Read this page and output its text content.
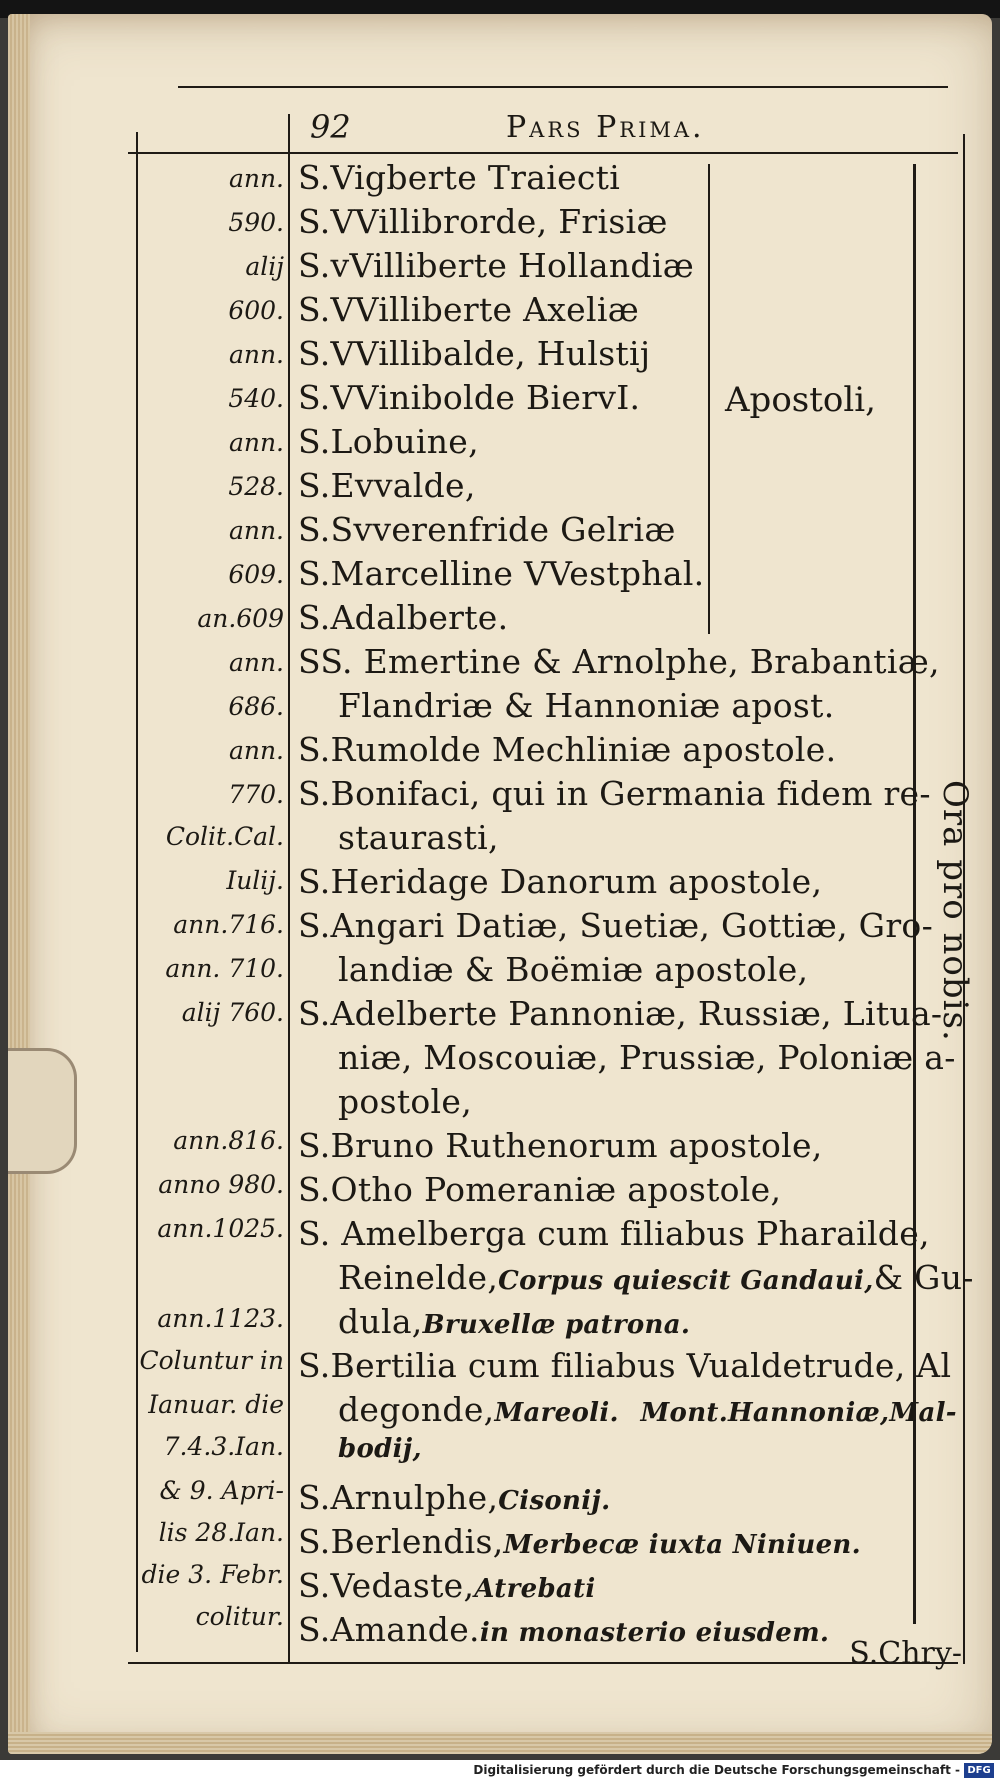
92	Pars Prima.
ann.
590.
alij
600.
ann.
540.
ann.
528.
ann.
609.
an.609
ann.
686.
ann.
770.
Colit.Cal.
Iulij.
ann.716.
ann. 710.
alij 760.
ann.816.
anno 980.
ann.1025.
ann.1123.
Coluntur in
Ianuar. die
7.4.3.Ian.
& 9. Apri-
lis 28.Ian.
die 3. Febr.
colitur.
S.Vigberte Traiecti
S.VVillibrorde, Frisiæ
S.vVilliberte Hollandiæ
S.VVilliberte Axeliæ
S.VVillibalde, Hulstij
S.VVinibolde BiervI.
S.Lobuine,
S.Evvalde,
S.Svverenfride Gelriæ
S.Marcelline VVestphal.
S.Adalberte.
SS. Emertine & Arnolphe, Brabantiæ,
Flandriæ & Hannoniæ apost.
S.Rumolde Mechliniæ apostole.
S.Bonifaci, qui in Germania fidem re-
staurasti,
S.Heridage Danorum apostole,
S.Angari Datiæ, Suetiæ, Gottiæ, Gro-
landiæ & Boëmiæ apostole,
S.Adelberte Pannoniæ, Russiæ, Litua-
niæ, Moscouiæ, Prussiæ, Poloniæ a-
postole,
S.Bruno Ruthenorum apostole,
S.Otho Pomeraniæ apostole,
S. Amelberga cum filiabus Pharailde,
Reinelde,Corpus quiescit Gandaui,& Gu-
dula,Bruxellæ patrona.
S.Bertilia cum filiabus Vualdetrude, Al
degonde,Mareoli. Mont.Hannoniæ,Mal-
bodij,
S.Arnulphe,Cisonij.
S.Berlendis,Merbecæ iuxta Niniuen.
S.Vedaste,Atrebati
S.Amande.in monasterio eiusdem.
Apostoli,
Ora pro nobis.
S.Chry-
Digitalisierung gefördert durch die Deutsche Forschungsgemeinschaft - DFG
